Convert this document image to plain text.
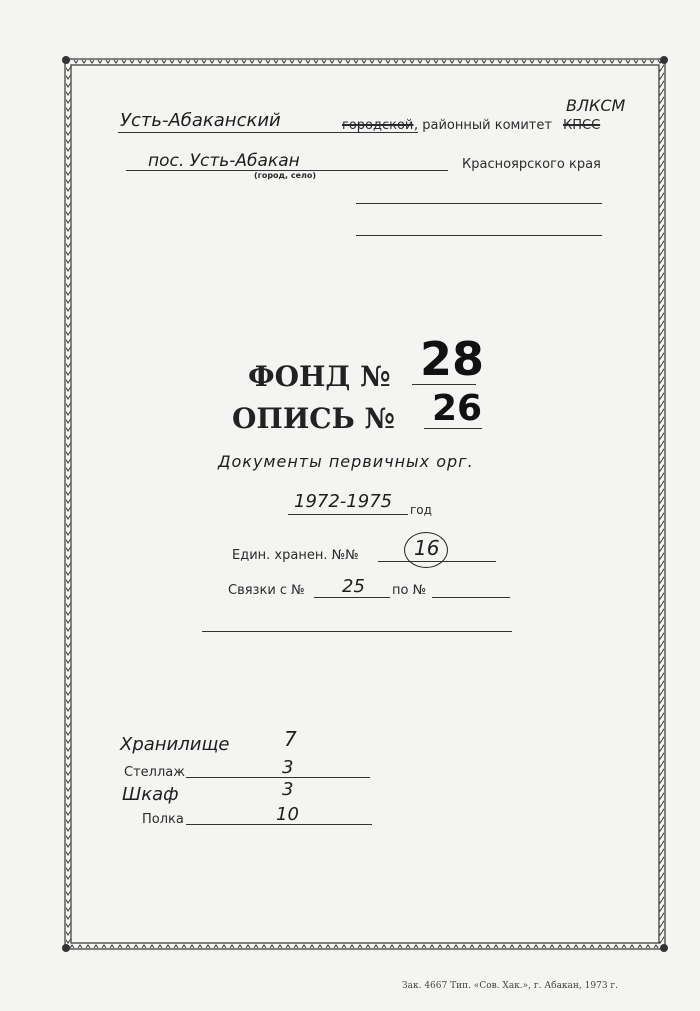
Усть-Абаканский	городской , районный комитет КПСС
ВЛКСМ
пос. Усть-Абакан
(город, село)
Красноярского края
ФОНД № 28
ОПИСЬ № 26
Документы первичных орг.
1972-1975 год
Един. хранен. №№	16
Связки с № 25 по №
Хранилище	7
Стеллаж	3
Шкаф	3
Полка	10
Зак. 4667 Тип. «Сов. Хак.», г. Абакан, 1973 г.
